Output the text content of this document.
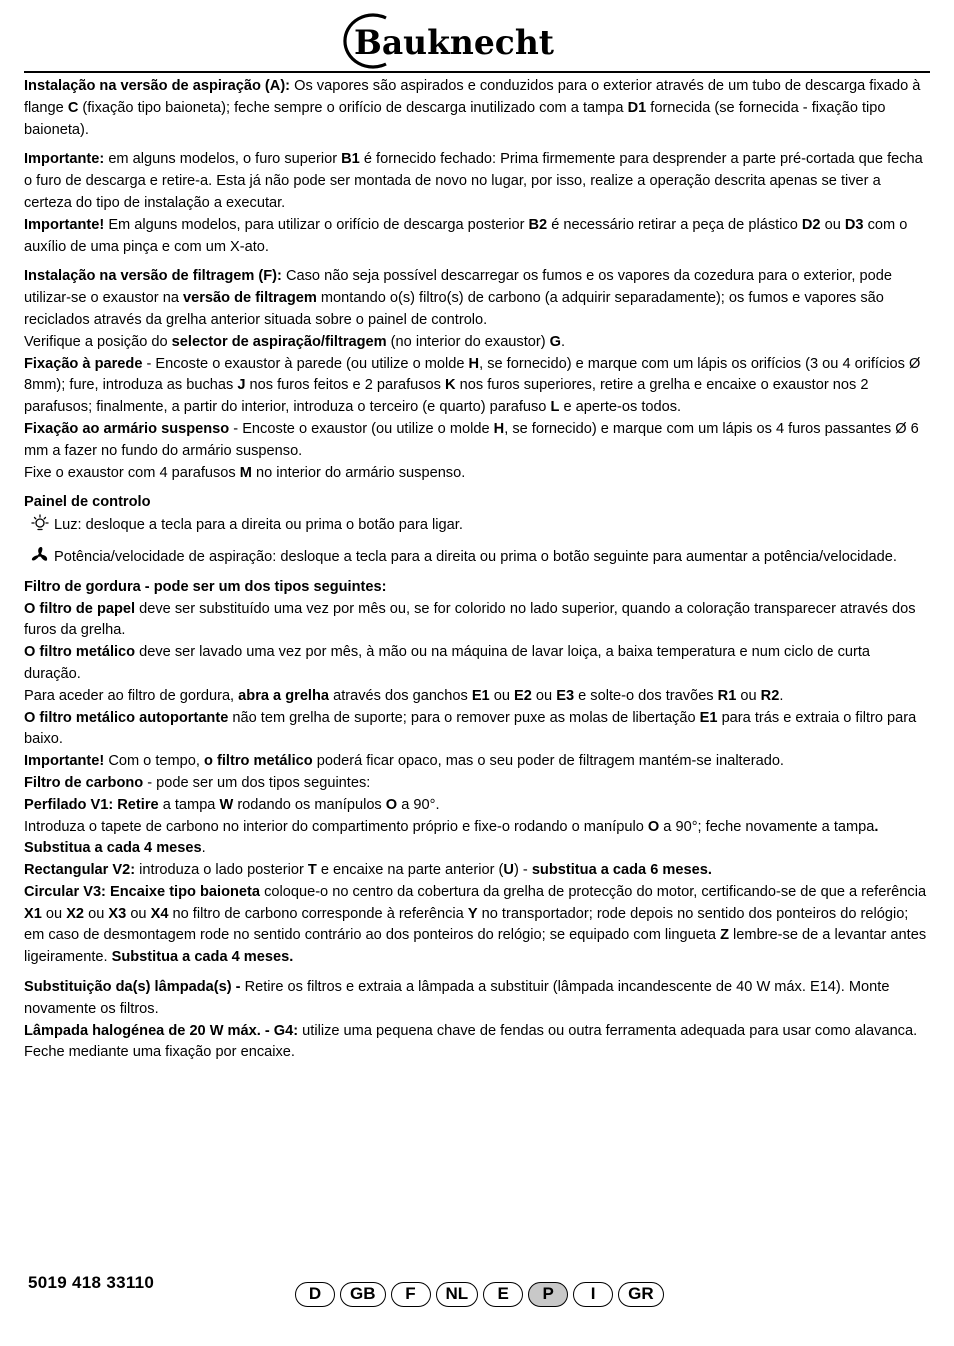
Bauknecht

Instalação na versão de aspiração (A): Os vapores são aspirados e conduzidos para o exterior através de um tubo de descarga fixado à flange C (fixação tipo baioneta); feche sempre o orifício de descarga inutilizado com a tampa D1 fornecida (se fornecida - fixação tipo baioneta).

Importante: em alguns modelos, o furo superior B1 é fornecido fechado: Prima firmemente para desprender a parte pré-cortada que fecha o furo de descarga e retire-a. Esta já não pode ser montada de novo no lugar, por isso, realize a operação descrita apenas se tiver a certeza do tipo de instalação a executar.

Importante! Em alguns modelos, para utilizar o orifício de descarga posterior B2 é necessário retirar a peça de plástico D2 ou D3 com o auxílio de uma pinça e com um X-ato.

Instalação na versão de filtragem (F): Caso não seja possível descarregar os fumos e os vapores da cozedura para o exterior, pode utilizar-se o exaustor na versão de filtragem montando o(s) filtro(s) de carbono (a adquirir separadamente); os fumos e vapores são reciclados através da grelha anterior situada sobre o painel de controlo.

Verifique a posição do selector de aspiração/filtragem (no interior do exaustor) G.

Fixação à parede - Encoste o exaustor à parede (ou utilize o molde H, se fornecido) e marque com um lápis os orifícios (3 ou 4 orifícios Ø 8mm); fure, introduza as buchas J nos furos feitos e 2 parafusos K nos furos superiores, retire a grelha e encaixe o exaustor nos 2 parafusos; finalmente, a partir do interior, introduza o terceiro (e quarto) parafuso L e aperte-os todos.

Fixação ao armário suspenso - Encoste o exaustor (ou utilize o molde H, se fornecido) e marque com um lápis os 4 furos passantes Ø 6 mm a fazer no fundo do armário suspenso.

Fixe o exaustor com 4 parafusos M no interior do armário suspenso.

Painel de controlo

Luz: desloque a tecla para a direita ou prima o botão para ligar.

Potência/velocidade de aspiração: desloque a tecla para a direita ou prima o botão seguinte para aumentar a potência/velocidade.

Filtro de gordura - pode ser um dos tipos seguintes:

O filtro de papel deve ser substituído uma vez por mês ou, se for colorido no lado superior, quando a coloração transparecer através dos furos da grelha.

O filtro metálico deve ser lavado uma vez por mês, à mão ou na máquina de lavar loiça, a baixa temperatura e num ciclo de curta duração.

Para aceder ao filtro de gordura, abra a grelha através dos ganchos E1 ou E2 ou E3 e solte-o dos travões R1 ou R2.

O filtro metálico autoportante não tem grelha de suporte; para o remover puxe as molas de libertação E1 para trás e extraia o filtro para baixo.

Importante! Com o tempo, o filtro metálico poderá ficar opaco, mas o seu poder de filtragem mantém-se inalterado.

Filtro de carbono - pode ser um dos tipos seguintes:

Perfilado V1: Retire a tampa W rodando os manípulos O a 90°.

Introduza o tapete de carbono no interior do compartimento próprio e fixe-o rodando o manípulo O a 90°; feche novamente a tampa. Substitua a cada 4 meses.

Rectangular V2: introduza o lado posterior T e encaixe na parte anterior (U) - substitua a cada 6 meses.

Circular V3: Encaixe tipo baioneta coloque-o no centro da cobertura da grelha de protecção do motor, certificando-se de que a referência X1 ou X2 ou X3 ou X4 no filtro de carbono corresponde à referência Y no transportador; rode depois no sentido dos ponteiros do relógio; em caso de desmontagem rode no sentido contrário ao dos ponteiros do relógio; se equipado com lingueta Z lembre-se de a levantar antes ligeiramente. Substitua a cada 4 meses.

Substituição da(s) lâmpada(s) - Retire os filtros e extraia a lâmpada a substituir (lâmpada incandescente de 40 W máx. E14). Monte novamente os filtros.

Lâmpada halogénea de 20 W máx. - G4: utilize uma pequena chave de fendas ou outra ferramenta adequada para usar como alavanca.

Feche mediante uma fixação por encaixe.

5019 418 33110
D	GB	F	NL	E	P	I	GR
